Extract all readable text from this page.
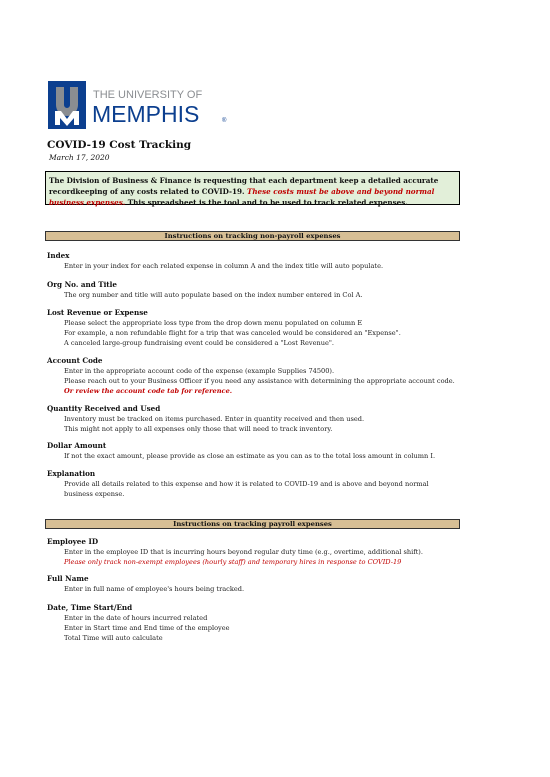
THE UNIVERSITY OF
MEMPHIS	®
COVID-19 Cost Tracking
March 17, 2020
The Division of Business & Finance is requesting that each department keep a detailed accurate recordkeeping of any costs related to COVID-19. These costs must be above and beyond normal business expenses. This spreadsheet is the tool and to be used to track related expenses.
Instructions on tracking non-payroll expenses
Index
Enter in your index for each related expense in column A and the index title will auto populate.
Org No. and Title
The org number and title will auto populate based on the index number entered in Col A.
Lost Revenue or Expense
Please select the appropriate loss type from the drop down menu populated on column E
For example, a non refundable flight for a trip that was canceled would be considered an "Expense".
A canceled large-group fundraising event could be considered a "Lost Revenue".
Account Code
Enter in the appropriate account code of the expense (example Supplies 74500).
Please reach out to your Business Officer if you need any assistance with determining the appropriate account code.
Or review the account code tab for reference.
Quantity Received and Used
Inventory must be tracked on items purchased. Enter in quantity received and then used.
This might not apply to all expenses only those that will need to track inventory.
Dollar Amount
If not the exact amount, please provide as close an estimate as you can as to the total loss amount in column I.
Explanation
Provide all details related to this expense and how it is related to COVID-19 and is above and beyond normal
business expense.
Instructions on tracking payroll expenses
Employee ID
Enter in the employee ID that is incurring hours beyond regular duty time (e.g., overtime, additional shift).
Please only track non-exempt employees (hourly staff) and temporary hires in response to COVID-19
Full Name
Enter in full name of employee's hours being tracked.
Date, Time Start/End
Enter in the date of hours incurred related
Enter in Start time and End time of the employee
Total Time will auto calculate
